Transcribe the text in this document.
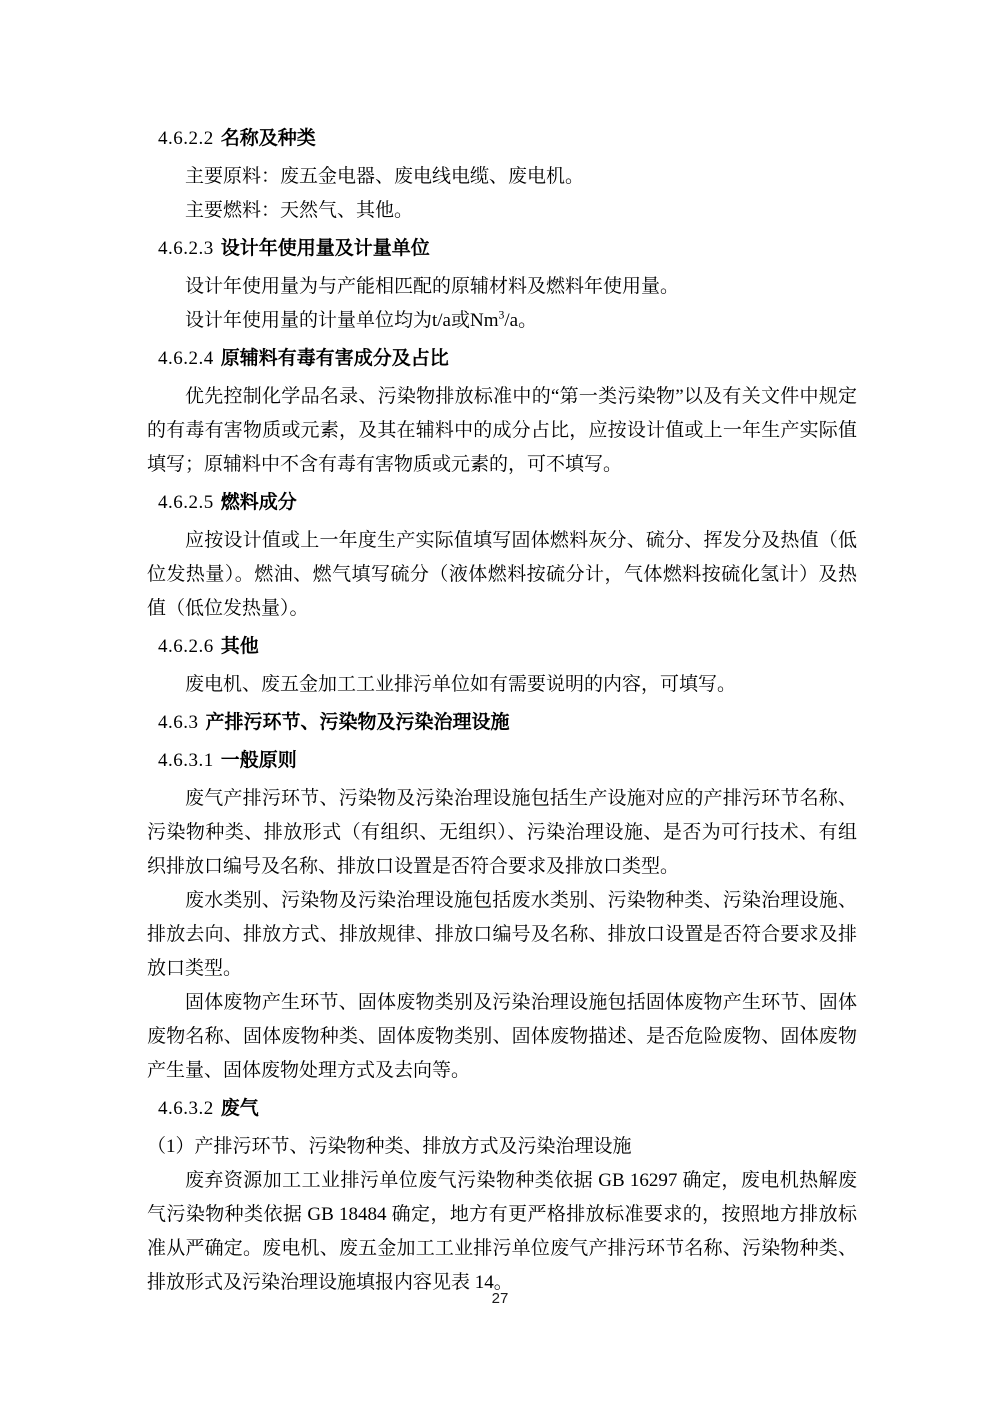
4.6.2.2 名称及种类

主要原料：废五金电器、废电线电缆、废电机。

主要燃料：天然气、其他。

4.6.2.3 设计年使用量及计量单位

设计年使用量为与产能相匹配的原辅材料及燃料年使用量。

设计年使用量的计量单位均为t/a或Nm$^3$/a。

4.6.2.4 原辅料有毒有害成分及占比

优先控制化学品名录、污染物排放标准中的“第一类污染物”以及有关文件中规定的有毒有害物质或元素，及其在辅料中的成分占比，应按设计值或上一年生产实际值填写；原辅料中不含有毒有害物质或元素的，可不填写。

4.6.2.5 燃料成分

应按设计值或上一年度生产实际值填写固体燃料灰分、硫分、挥发分及热值（低位发热量）。燃油、燃气填写硫分（液体燃料按硫分计，气体燃料按硫化氢计）及热值（低位发热量）。

4.6.2.6 其他

废电机、废五金加工工业排污单位如有需要说明的内容，可填写。

4.6.3 产排污环节、污染物及污染治理设施
4.6.3.1 一般原则

废气产排污环节、污染物及污染治理设施包括生产设施对应的产排污环节名称、污染物种类、排放形式（有组织、无组织）、污染治理设施、是否为可行技术、有组织排放口编号及名称、排放口设置是否符合要求及排放口类型。

废水类别、污染物及污染治理设施包括废水类别、污染物种类、污染治理设施、排放去向、排放方式、排放规律、排放口编号及名称、排放口设置是否符合要求及排放口类型。

固体废物产生环节、固体废物类别及污染治理设施包括固体废物产生环节、固体废物名称、固体废物种类、固体废物类别、固体废物描述、是否危险废物、固体废物产生量、固体废物处理方式及去向等。

4.6.3.2 废气

（1）产排污环节、污染物种类、排放方式及污染治理设施

废弃资源加工工业排污单位废气污染物种类依据 GB 16297 确定，废电机热解废气污染物种类依据 GB 18484 确定，地方有更严格排放标准要求的，按照地方排放标准从严确定。废电机、废五金加工工业排污单位废气产排污环节名称、污染物种类、排放形式及污染治理设施填报内容见表 14。

27
